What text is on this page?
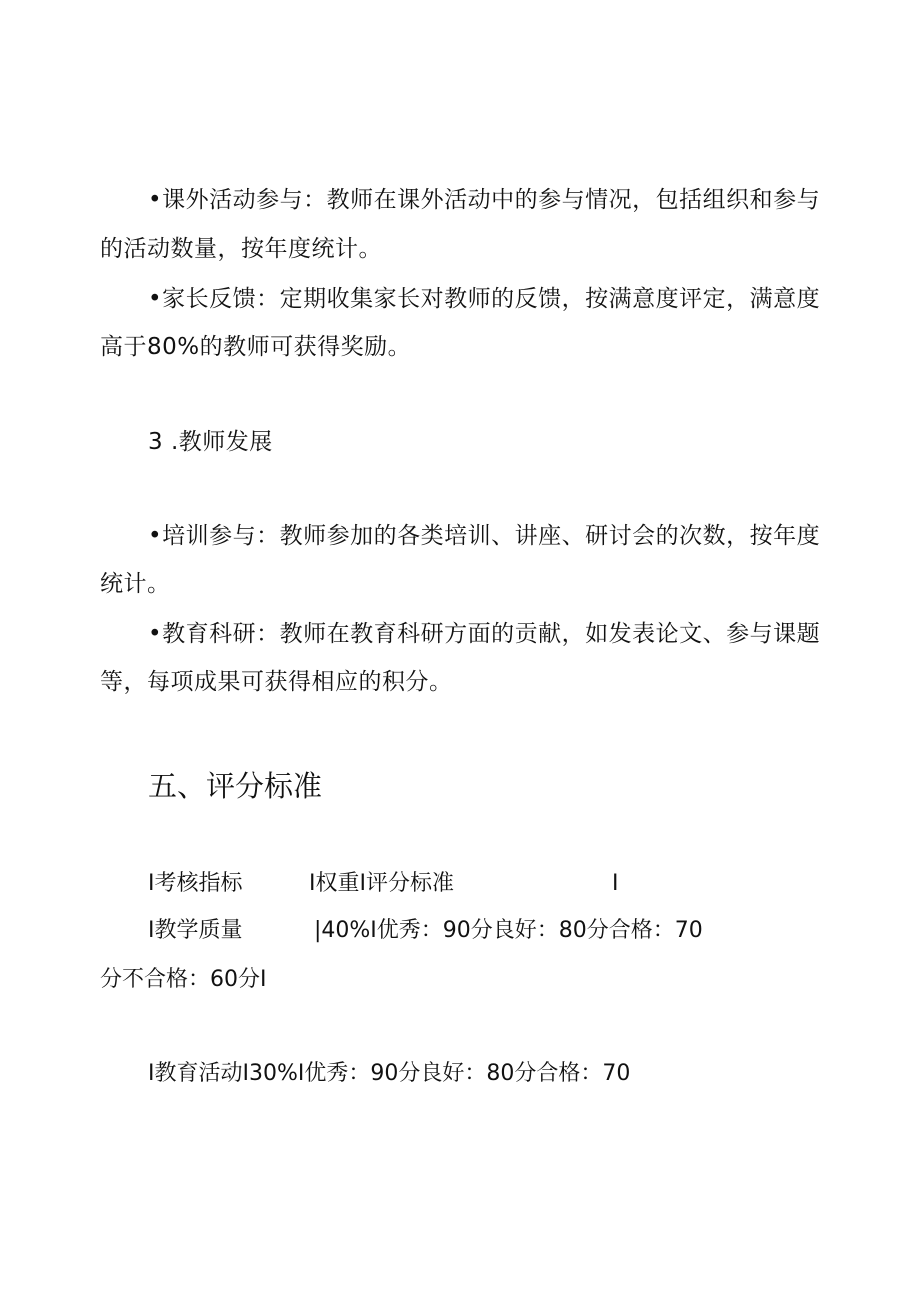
•课外活动参与：教师在课外活动中的参与情况，包括组织和参与
的活动数量，按年度统计。
•家长反馈：定期收集家长对教师的反馈，按满意度评定，满意度
高于80%的教师可获得奖励。
3 .教师发展
•培训参与：教师参加的各类培训、讲座、研讨会的次数，按年度
统计。
•教育科研：教师在教育科研方面的贡献，如发表论文、参与课题
等，每项成果可获得相应的积分。
五、评分标准
I考核指标	I权重I评分标准	I
I教学质量	|40%I优秀：90分良好：80分合格：70
分不合格：60分I
I教育活动I30%I优秀：90分良好：80分合格：70
